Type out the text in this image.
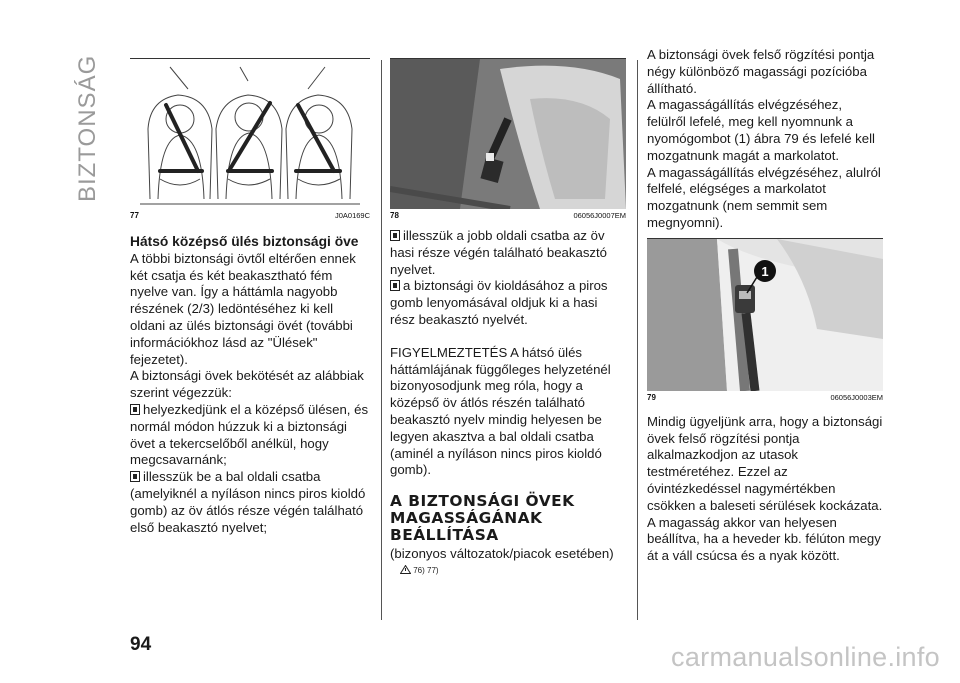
BIZTONSÁG
77	J0A0169C

Hátsó középső ülés biztonsági öve

A többi biztonsági övtől eltérően ennek két csatja és két beakasztható fém nyelve van. Így a háttámla nagyobb részének (2/3) ledöntéséhez ki kell oldani az ülés biztonsági övét (további információkhoz lásd az "Ülések" fejezetet).

A biztonsági övek bekötését az alábbiak szerint végezzük:

helyezkedjünk el a középső ülésen, és normál módon húzzuk ki a biztonsági övet a tekercselőből anélkül, hogy megcsavarnánk;

illesszük be a bal oldali csatba (amelyiknél a nyíláson nincs piros kioldó gomb) az öv átlós része végén található első beakasztó nyelvet;

78	06056J0007EM

illesszük a jobb oldali csatba az öv hasi része végén található beakasztó nyelvet.

a biztonsági öv kioldásához a piros gomb lenyomásával oldjuk ki a hasi rész beakasztó nyelvét.

FIGYELMEZTETÉS A hátsó ülés háttámlájának függőleges helyzeténél bizonyosodjunk meg róla, hogy a középső öv átlós részén található beakasztó nyelv mindig helyesen be legyen akasztva a bal oldali csatba (aminél a nyíláson nincs piros kioldó gomb).

A BIZTONSÁGI ÖVEK
MAGASSÁGÁNAK
BEÁLLÍTÁSA

(bizonyos változatok/piacok esetében)

76) 77)

A biztonsági övek felső rögzítési pontja négy különböző magassági pozícióba állítható.

A magasságállítás elvégzéséhez, felülről lefelé, meg kell nyomnunk a nyomógombot (1) ábra 79 és lefelé kell mozgatnunk magát a markolatot.

A magasságállítás elvégzéséhez, alulról felfelé, elégséges a markolatot mozgatnunk (nem semmit sem megnyomni).

1
79	06056J0003EM

Mindig ügyeljünk arra, hogy a biztonsági övek felső rögzítési pontja alkalmazkodjon az utasok testméretéhez. Ezzel az óvintézkedéssel nagymértékben csökken a baleseti sérülések kockázata.

A magasság akkor van helyesen beállítva, ha a heveder kb. félúton megy át a váll csúcsa és a nyak között.

94	carmanualsonline.info
